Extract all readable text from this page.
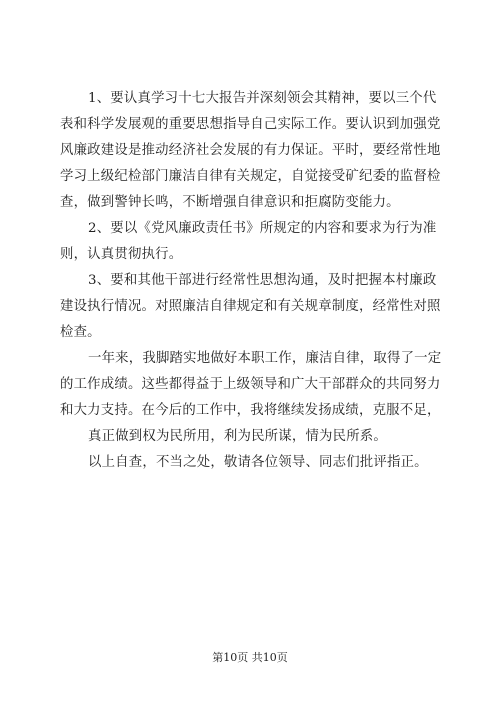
1、要认真学习十七大报告并深刻领会其精神，要以三个代
表和科学发展观的重要思想指导自己实际工作。要认识到加强党
风廉政建设是推动经济社会发展的有力保证。平时，要经常性地
学习上级纪检部门廉洁自律有关规定，自觉接受矿纪委的监督检
查，做到警钟长鸣，不断增强自律意识和拒腐防变能力。
2、要以《党风廉政责任书》所规定的内容和要求为行为准
则，认真贯彻执行。
3、要和其他干部进行经常性思想沟通，及时把握本村廉政
建设执行情况。对照廉洁自律规定和有关规章制度，经常性对照
检查。
一年来，我脚踏实地做好本职工作，廉洁自律，取得了一定
的工作成绩。这些都得益于上级领导和广大干部群众的共同努力
和大力支持。在今后的工作中，我将继续发扬成绩，克服不足，
真正做到权为民所用，利为民所谋，情为民所系。
以上自查，不当之处，敬请各位领导、同志们批评指正。
第10页 共10页
